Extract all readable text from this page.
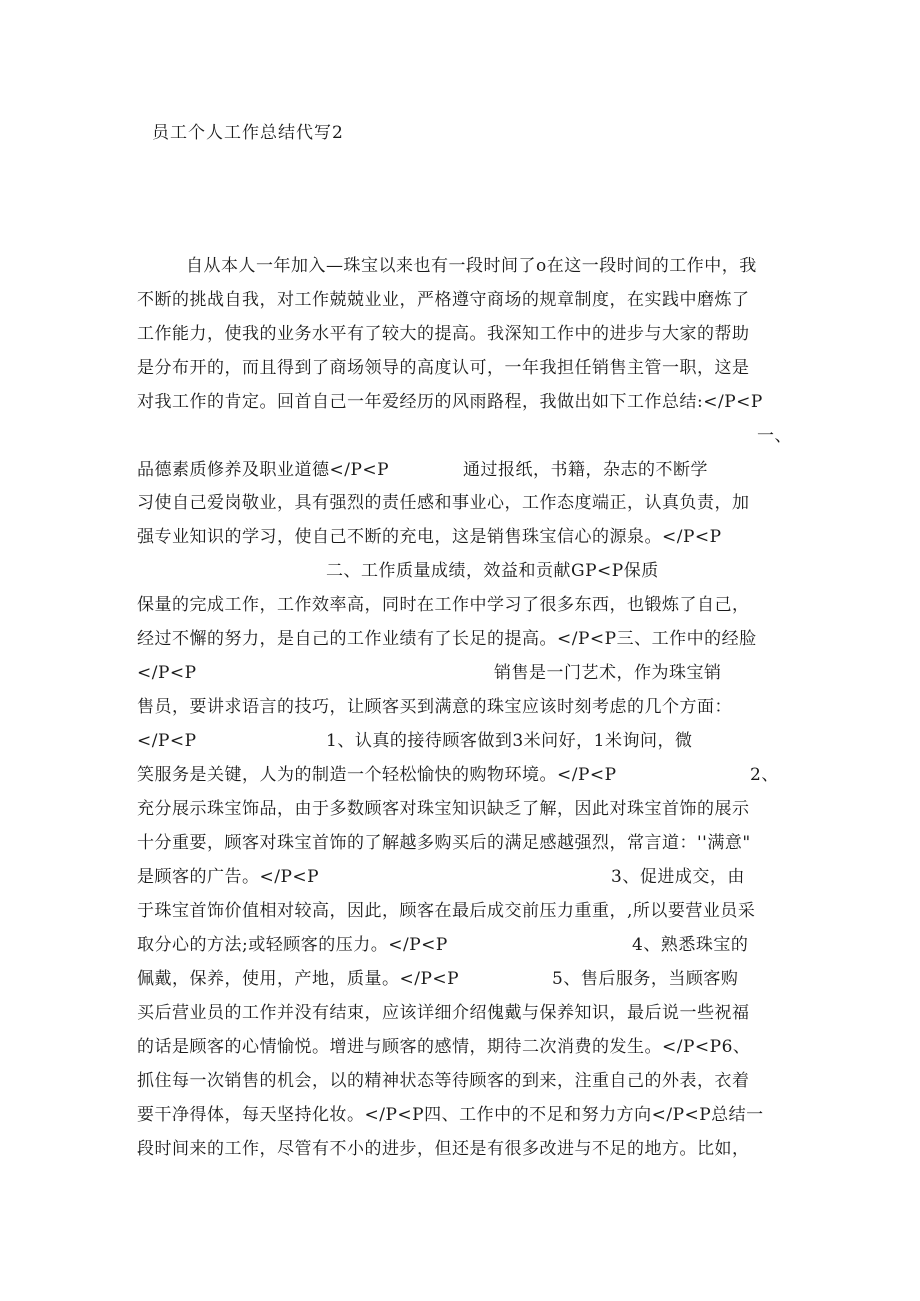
员工个人工作总结代写2
自从本人一年加入—珠宝以来也有一段时间了o在这一段时间的工作中，我
不断的挑战自我，对工作兢兢业业，严格遵守商场的规章制度，在实践中磨炼了
工作能力，使我的业务水平有了较大的提高。我深知工作中的进步与大家的帮助
是分布开的，而且得到了商场领导的高度认可，一年我担任销售主管一职，这是
对我工作的肯定。回首自己一年爱经历的风雨路程，我做出如下工作总结:</P<P
一、
品德素质修养及职业道德</P<P	通过报纸，书籍，杂志的不断学
习使自己爱岗敬业，具有强烈的责任感和事业心，工作态度端正，认真负责，加
强专业知识的学习，使自己不断的充电，这是销售珠宝信心的源泉。</P<P
二、工作质量成绩，效益和贡献GP<P保质
保量的完成工作，工作效率高，同时在工作中学习了很多东西，也锻炼了自己，
经过不懈的努力，是自己的工作业绩有了长足的提高。</P<P三、工作中的经脸
</P<P	销售是一门艺术，作为珠宝销
售员，要讲求语言的技巧，让顾客买到满意的珠宝应该时刻考虑的几个方面：
</P<P	1、认真的接待顾客做到3米问好，1米询问，微
笑服务是关键，人为的制造一个轻松愉快的购物环境。</P<P	2、
充分展示珠宝饰品，由于多数顾客对珠宝知识缺乏了解，因此对珠宝首饰的展示
十分重要，顾客对珠宝首饰的了解越多购买后的满足感越强烈，常言道：''满意"
是顾客的广告。</P<P	3、促进成交，由
于珠宝首饰价值相对较高，因此，顾客在最后成交前压力重重，,所以要营业员采
取分心的方法;或轻顾客的压力。</P<P	4、熟悉珠宝的
佩戴，保养，使用，产地，质量。</P<P	5、售后服务，当顾客购
买后营业员的工作并没有结束，应该详细介绍傀戴与保养知识，最后说一些祝福
的话是顾客的心情愉悦。增进与顾客的感情，期待二次消费的发生。</P<P6、
抓住每一次销售的机会，以的精神状态等待顾客的到来，注重自己的外表，衣着
要干净得体，每天坚持化妆。</P<P四、工作中的不足和努力方向</P<P总结一
段时间来的工作，尽管有不小的进步，但还是有很多改进与不足的地方。比如，
